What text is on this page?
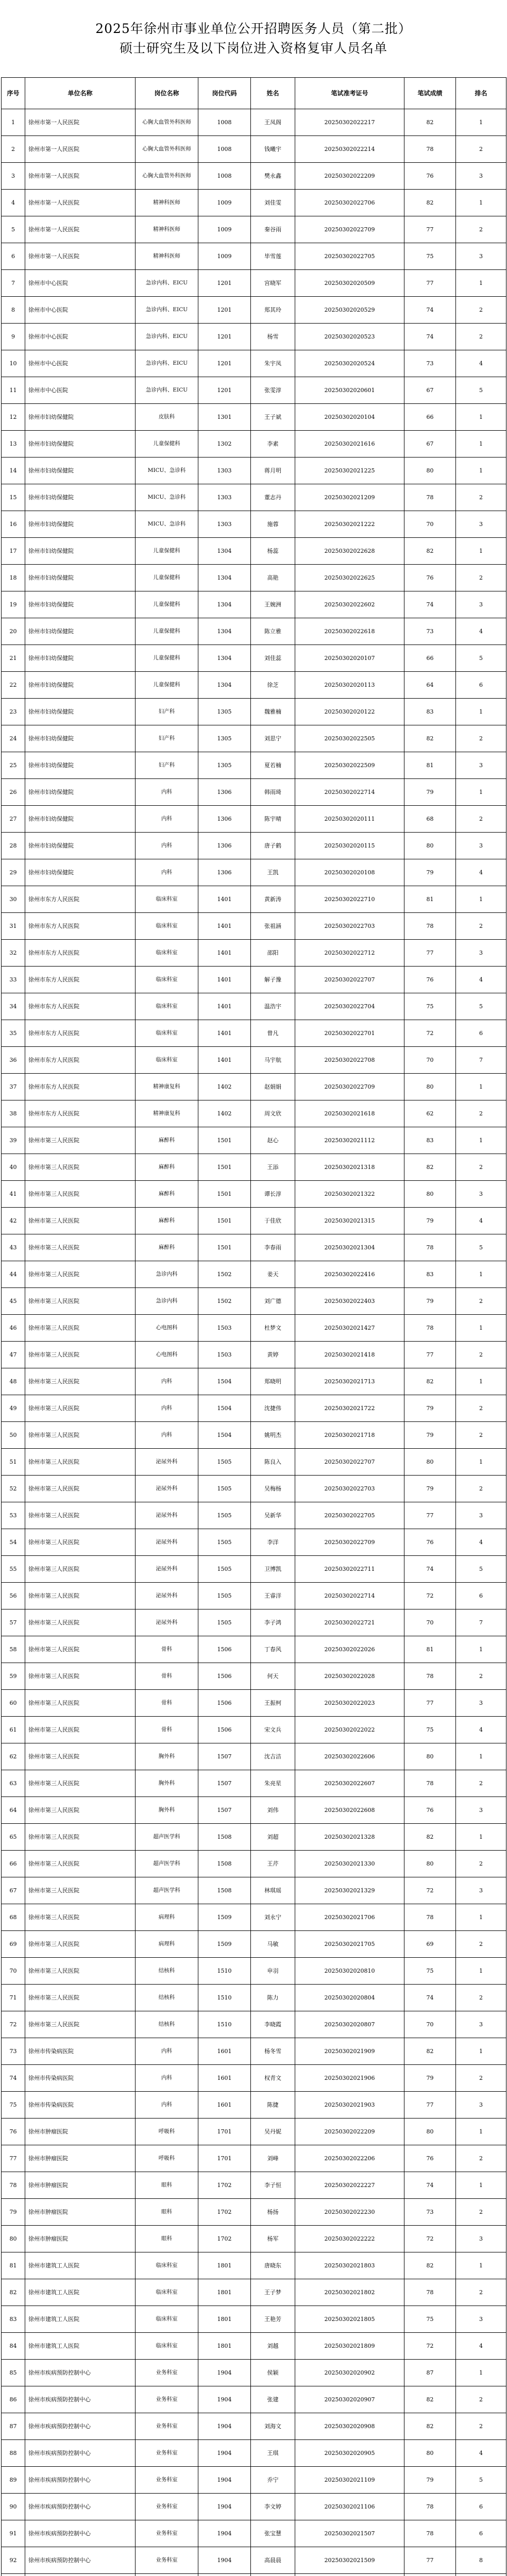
2025年徐州市事业单位公开招聘医务人员（第二批）
硕士研究生及以下岗位进入资格复审人员名单
序号	单位名称	岗位名称	岗位代码	姓名	笔试准考证号	笔试成绩	排名
1	徐州市第一人民医院	心胸大血管外科医师	1008	王凤阁	20250302022217	82	1
2	徐州市第一人民医院	心胸大血管外科医师	1008	钱曦宇	20250302022214	78	2
3	徐州市第一人民医院	心胸大血管外科医师	1008	樊永鑫	20250302022209	76	3
4	徐州市第一人民医院	精神科医师	1009	刘佳雯	20250302022706	82	1
5	徐州市第一人民医院	精神科医师	1009	秦谷雨	20250302022709	77	2
6	徐州市第一人民医院	精神科医师	1009	毕雪莲	20250302022705	75	3
7	徐州市中心医院	急诊内科、EICU	1201	宫晓军	20250302020509	77	1
8	徐州市中心医院	急诊内科、EICU	1201	郑其玲	20250302020529	74	2
9	徐州市中心医院	急诊内科、EICU	1201	杨雪	20250302020523	74	2
10	徐州市中心医院	急诊内科、EICU	1201	朱宇凤	20250302020524	73	4
11	徐州市中心医院	急诊内科、EICU	1201	张雯淳	20250302020601	67	5
12	徐州市妇幼保健院	皮肤科	1301	王子斌	20250302020104	66	1
13	徐州市妇幼保健院	儿童保健科	1302	李素	20250302021616	67	1
14	徐州市妇幼保健院	MICU、急诊科	1303	蒋月明	20250302021225	80	1
15	徐州市妇幼保健院	MICU、急诊科	1303	董志丹	20250302021209	78	2
16	徐州市妇幼保健院	MICU、急诊科	1303	施蓉	20250302021222	70	3
17	徐州市妇幼保健院	儿童保健科	1304	杨蕊	20250302022628	82	1
18	徐州市妇幼保健院	儿童保健科	1304	高艳	20250302022625	76	2
19	徐州市妇幼保健院	儿童保健科	1304	王婉洲	20250302022602	74	3
20	徐州市妇幼保健院	儿童保健科	1304	陈立雅	20250302022618	73	4
21	徐州市妇幼保健院	儿童保健科	1304	刘佳蕊	20250302020107	66	5
22	徐州市妇幼保健院	儿童保健科	1304	徐芝	20250302020113	64	6
23	徐州市妇幼保健院	妇产科	1305	魏雅楠	20250302020122	83	1
24	徐州市妇幼保健院	妇产科	1305	刘思宁	20250302022505	82	2
25	徐州市妇幼保健院	妇产科	1305	夏若楠	20250302022509	81	3
26	徐州市妇幼保健院	内科	1306	韩雨琦	20250302022714	79	1
27	徐州市妇幼保健院	内科	1306	陈宇晴	20250302020111	68	2
28	徐州市妇幼保健院	内科	1306	唐子鹤	20250302020115	80	3
29	徐州市妇幼保健院	内科	1306	王凯	20250302020108	79	4
30	徐州市东方人民医院	临床科室	1401	黄新涛	20250302022710	81	1
31	徐州市东方人民医院	临床科室	1401	张祖涵	20250302022703	78	2
32	徐州市东方人民医院	临床科室	1401	邵阳	20250302022712	77	3
33	徐州市东方人民医院	临床科室	1401	解子豫	20250302022707	76	4
34	徐州市东方人民医院	临床科室	1401	温浩宇	20250302022704	75	5
35	徐州市东方人民医院	临床科室	1401	曾凡	20250302022701	72	6
36	徐州市东方人民医院	临床科室	1401	马宇航	20250302022708	70	7
37	徐州市东方人民医院	精神康复科	1402	赵娟娟	20250302022709	80	1
38	徐州市东方人民医院	精神康复科	1402	周文欣	20250302021618	62	2
39	徐州市第三人民医院	麻醉科	1501	赵心	20250302021112	83	1
40	徐州市第三人民医院	麻醉科	1501	王添	20250302021318	82	2
41	徐州市第三人民医院	麻醉科	1501	谭长淳	20250302021322	80	3
42	徐州市第三人民医院	麻醉科	1501	于佳欣	20250302021315	79	4
43	徐州市第三人民医院	麻醉科	1501	李春雨	20250302021304	78	5
44	徐州市第三人民医院	急诊内科	1502	姜天	20250302022416	83	1
45	徐州市第三人民医院	急诊内科	1502	刘广德	20250302022403	79	2
46	徐州市第三人民医院	心电图科	1503	杜梦文	20250302021427	78	1
47	徐州市第三人民医院	心电图科	1503	黄婷	20250302021418	77	2
48	徐州市第三人民医院	内科	1504	郑晓明	20250302021713	82	1
49	徐州市第三人民医院	内科	1504	沈捷伟	20250302021722	79	2
50	徐州市第三人民医院	内科	1504	姚明杰	20250302021718	79	2
51	徐州市第三人民医院	泌尿外科	1505	陈良入	20250302022707	80	1
52	徐州市第三人民医院	泌尿外科	1505	吴梅杨	20250302022703	79	2
53	徐州市第三人民医院	泌尿外科	1505	吴新华	20250302022705	77	3
54	徐州市第三人民医院	泌尿外科	1505	李洋	20250302022709	76	4
55	徐州市第三人民医院	泌尿外科	1505	卫博凯	20250302022711	74	5
56	徐州市第三人民医院	泌尿外科	1505	王睿洋	20250302022714	72	6
57	徐州市第三人民医院	泌尿外科	1505	李子鸿	20250302022721	70	7
58	徐州市第三人民医院	骨科	1506	丁春风	20250302022026	81	1
59	徐州市第三人民医院	骨科	1506	何天	20250302022028	78	2
60	徐州市第三人民医院	骨科	1506	王振柯	20250302022023	77	3
61	徐州市第三人民医院	骨科	1506	宋文兵	20250302022022	75	4
62	徐州市第三人民医院	胸外科	1507	沈吉洁	20250302022606	80	1
63	徐州市第三人民医院	胸外科	1507	朱亮星	20250302022607	78	2
64	徐州市第三人民医院	胸外科	1507	刘伟	20250302022608	76	3
65	徐州市第三人民医院	超声医学科	1508	刘超	20250302021328	82	1
66	徐州市第三人民医院	超声医学科	1508	王芹	20250302021330	80	2
67	徐州市第三人民医院	超声医学科	1508	林琪瑶	20250302021329	72	3
68	徐州市第三人民医院	病理科	1509	刘永宁	20250302021706	78	1
69	徐州市第三人民医院	病理科	1509	马敏	20250302021705	69	2
70	徐州市第三人民医院	结核科	1510	申羽	20250302020810	75	1
71	徐州市第三人民医院	结核科	1510	陈力	20250302020804	74	2
72	徐州市第三人民医院	结核科	1510	李晓霞	20250302020807	70	3
73	徐州市传染病医院	内科	1601	杨冬雪	20250302021909	82	1
74	徐州市传染病医院	内科	1601	权青文	20250302021906	79	2
75	徐州市传染病医院	内科	1601	陈捷	20250302021903	77	3
76	徐州市肿瘤医院	呼吸科	1701	吴丹妮	20250302022209	80	1
77	徐州市肿瘤医院	呼吸科	1701	刘峰	20250302022206	76	2
78	徐州市肿瘤医院	眼科	1702	李子恒	20250302022227	74	1
79	徐州市肿瘤医院	眼科	1702	杨扬	20250302022230	73	2
80	徐州市肿瘤医院	眼科	1702	杨军	20250302022222	72	3
81	徐州市建筑工人医院	临床科室	1801	唐晓东	20250302021803	82	1
82	徐州市建筑工人医院	临床科室	1801	王子梦	20250302021802	78	2
83	徐州市建筑工人医院	临床科室	1801	王艳芳	20250302021805	75	3
84	徐州市建筑工人医院	临床科室	1801	刘越	20250302021809	72	4
85	徐州市疾病预防控制中心	业务科室	1904	侯颖	20250302020902	87	1
86	徐州市疾病预防控制中心	业务科室	1904	张建	20250302020907	82	2
87	徐州市疾病预防控制中心	业务科室	1904	刘海文	20250302020908	82	2
88	徐州市疾病预防控制中心	业务科室	1904	王琪	20250302020905	80	4
89	徐州市疾病预防控制中心	业务科室	1904	乔宁	20250302021109	79	5
90	徐州市疾病预防控制中心	业务科室	1904	李文婷	20250302021106	78	6
91	徐州市疾病预防控制中心	业务科室	1904	张宝慧	20250302021507	78	6
92	徐州市疾病预防控制中心	业务科室	1904	高晨晨	20250302021509	77	8
